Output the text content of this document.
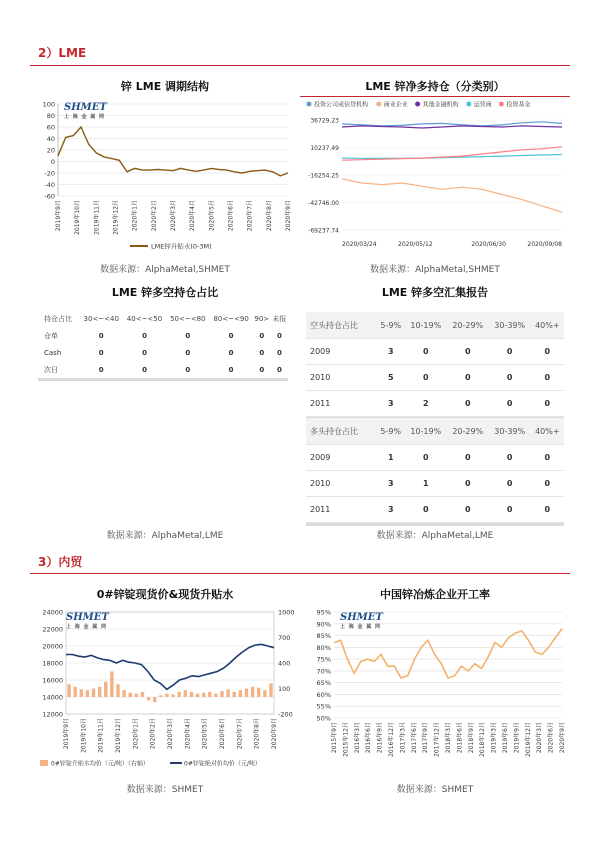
2）LME
锌 LME 调期结构
100
80
60
40
20
0
-20
-40
-60
2019年9月 2019年10月 2019年11月 2019年12月 2020年1月 2020年2月 2020年3月 2020年4月 2020年5月 2020年6月 2020年7月 2020年8月 2020年9月
LME锌升贴水(0-3M)
SHMET
上 海 金 属 网
数据来源：AlphaMetal,SHMET
LME 锌净多持仓（分类别）
投资公司或信贷机构	商业企业 其他金融机构	运营商 投资基金
36729.23
10237.49
-16254.25
-42746.00
-69237.74
2020/03/24	2020/05/12	2020/06/30	2020/09/08
数据来源：AlphaMetal,SHMET
LME 锌多空持仓占比
持仓占比	30<~<40	40<~<50	50<~<80	80<~<90	90>	未报
仓单	0	0	0	0	0	0
Cash	0	0	0	0	0	0
次日	0	0	0	0	0	0
数据来源：AlphaMetal,LME
LME 锌多空汇集报告
空头持仓占比	5-9%	10-19%	20-29%	30-39%	40%+
2009	3	0	0	0	0
2010	5	0	0	0	0
2011	3	2	0	0	0
多头持仓占比	5-9%	10-19%	20-29%	30-39%	40%+
2009	1	0	0	0	0
2010	3	1	0	0	0
2011	3	0	0	0	0
数据来源：AlphaMetal,LME
3）内贸
0#锌锭现货价&现货升贴水
24000
22000
20000
18000
16000
14000
12000
1000
700
400
100
-200
2019年9月 2019年10月 2019年11月 2019年12月 2020年1月 2020年2月 2020年3月 2020年4月 2020年5月 2020年6月 2020年7月 2020年8月 2020年9月
0#锌锭升贴水均价（元/吨）（右轴）	0#锌锭绝对价均价（元/吨）
SHMET
上 海 金 属 网
数据来源：SHMET
中国锌冶炼企业开工率
95%
90%
85%
80%
75%
70%
65%
60%
55%
50%
2015年9月 2015年12月 2016年3月 2016年6月 2016年9月 2016年12月 2017年3月 2017年6月 2017年9月 2017年12月 2018年3月 2018年6月 2018年9月 2018年12月 2019年3月 2019年6月 2019年9月 2019年12月 2020年3月 2020年6月 2020年9月
SHMET
上 海 金 属 网
数据来源：SHMET
